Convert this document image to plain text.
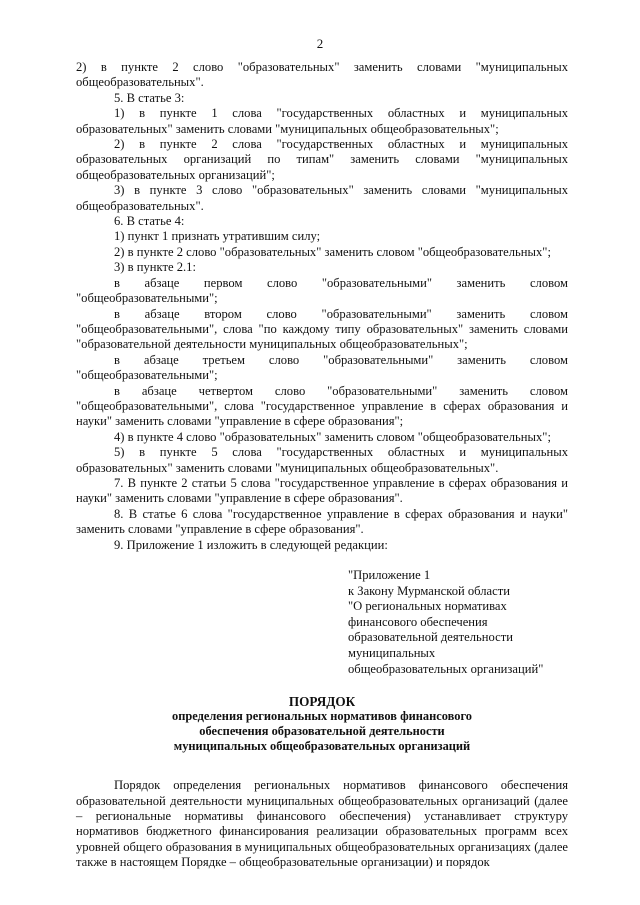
2

2) в пункте 2 слово "образовательных" заменить словами "муниципальных общеобразовательных".

5. В статье 3:

1) в пункте 1 слова "государственных областных и муниципальных образовательных" заменить словами "муниципальных общеобразовательных";

2) в пункте 2 слова "государственных областных и муниципальных образовательных организаций по типам" заменить словами "муниципальных общеобразовательных организаций";

3) в пункте 3 слово "образовательных" заменить словами "муниципальных общеобразовательных".

6. В статье 4:

1) пункт 1 признать утратившим силу;

2) в пункте 2 слово "образовательных" заменить словом "общеобразовательных";

3) в пункте 2.1:

в абзаце первом слово "образовательными" заменить словом "общеобразовательными";

в абзаце втором слово "образовательными" заменить словом "общеобразовательными", слова "по каждому типу образовательных" заменить словами "образовательной деятельности муниципальных общеобразовательных";

в абзаце третьем слово "образовательными" заменить словом "общеобразовательными";

в абзаце четвертом слово "образовательными" заменить словом "общеобразовательными", слова "государственное управление в сферах образования и науки" заменить словами "управление в сфере образования";

4) в пункте 4 слово "образовательных" заменить словом "общеобразовательных";

5) в пункте 5 слова "государственных областных и муниципальных образовательных" заменить словами "муниципальных общеобразовательных".

7. В пункте 2 статьи 5 слова "государственное управление в сферах образования и науки" заменить словами "управление в сфере образования".

8. В статье 6 слова "государственное управление в сферах образования и науки" заменить словами "управление в сфере образования".

9. Приложение 1 изложить в следующей редакции:

"Приложение 1
к Закону Мурманской области
"О региональных нормативах
финансового обеспечения
образовательной деятельности
муниципальных
общеобразовательных организаций"
ПОРЯДОК
определения региональных нормативов финансового
обеспечения образовательной деятельности
муниципальных общеобразовательных организаций

Порядок определения региональных нормативов финансового обеспечения образовательной деятельности муниципальных общеобразовательных организаций (далее – региональные нормативы финансового обеспечения) устанавливает структуру нормативов бюджетного финансирования реализации образовательных программ всех уровней общего образования в муниципальных общеобразовательных организациях (далее также в настоящем Порядке – общеобразовательные организации) и порядок
